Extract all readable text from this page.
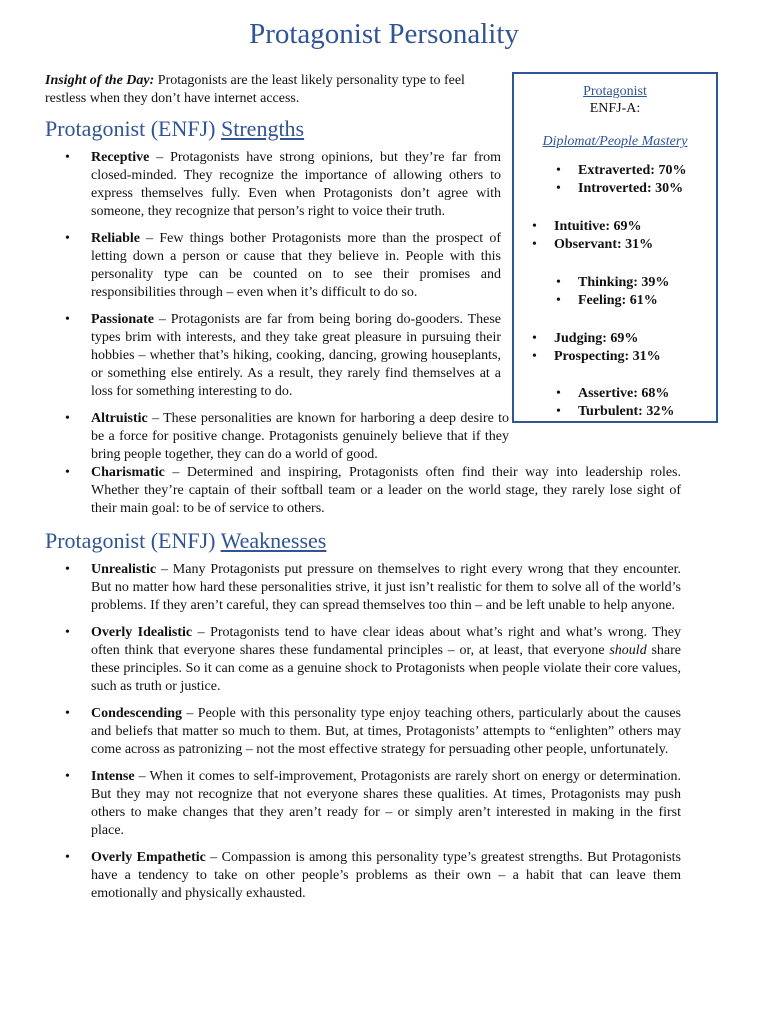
Protagonist Personality

Insight of the Day: Protagonists are the least likely personality type to feel restless when they don’t have internet access.

Protagonist (ENFJ) Strengths
• Receptive – Protagonists have strong opinions, but they’re far from closed-minded. They recognize the importance of allowing others to express themselves fully. Even when Protagonists don’t agree with someone, they recognize that person’s right to voice their truth.
• Reliable – Few things bother Protagonists more than the prospect of letting down a person or cause that they believe in. People with this personality type can be counted on to see their promises and responsibilities through – even when it’s difficult to do so.
• Passionate – Protagonists are far from being boring do-gooders. These types brim with interests, and they take great pleasure in pursuing their hobbies – whether that’s hiking, cooking, dancing, growing houseplants, or something else entirely. As a result, they rarely find themselves at a loss for something interesting to do.
• Altruistic – These personalities are known for harboring a deep desire to be a force for positive change. Protagonists genuinely believe that if they bring people together, they can do a world of good.
• Charismatic – Determined and inspiring, Protagonists often find their way into leadership roles. Whether they’re captain of their softball team or a leader on the world stage, they rarely lose sight of their main goal: to be of service to others.
Protagonist (ENFJ) Weaknesses
• Unrealistic – Many Protagonists put pressure on themselves to right every wrong that they encounter. But no matter how hard these personalities strive, it just isn’t realistic for them to solve all of the world’s problems. If they aren’t careful, they can spread themselves too thin – and be left unable to help anyone.
• Overly Idealistic – Protagonists tend to have clear ideas about what’s right and what’s wrong. They often think that everyone shares these fundamental principles – or, at least, that everyone should share these principles. So it can come as a genuine shock to Protagonists when people violate their core values, such as truth or justice.
• Condescending – People with this personality type enjoy teaching others, particularly about the causes and beliefs that matter so much to them. But, at times, Protagonists’ attempts to “enlighten” others may come across as patronizing – not the most effective strategy for persuading other people, unfortunately.
• Intense – When it comes to self-improvement, Protagonists are rarely short on energy or determination. But they may not recognize that not everyone shares these qualities. At times, Protagonists may push others to make changes that they aren’t ready for – or simply aren’t interested in making in the first place.
• Overly Empathetic – Compassion is among this personality type’s greatest strengths. But Protagonists have a tendency to take on other people’s problems as their own – a habit that can leave them emotionally and physically exhausted.
Protagonist
ENFJ-A:
Diplomat/People Mastery
• Extraverted: 70%
• Introverted: 30%
• Intuitive: 69%
• Observant: 31%
• Thinking: 39%
• Feeling: 61%
• Judging: 69%
• Prospecting: 31%
• Assertive: 68%
• Turbulent: 32%
